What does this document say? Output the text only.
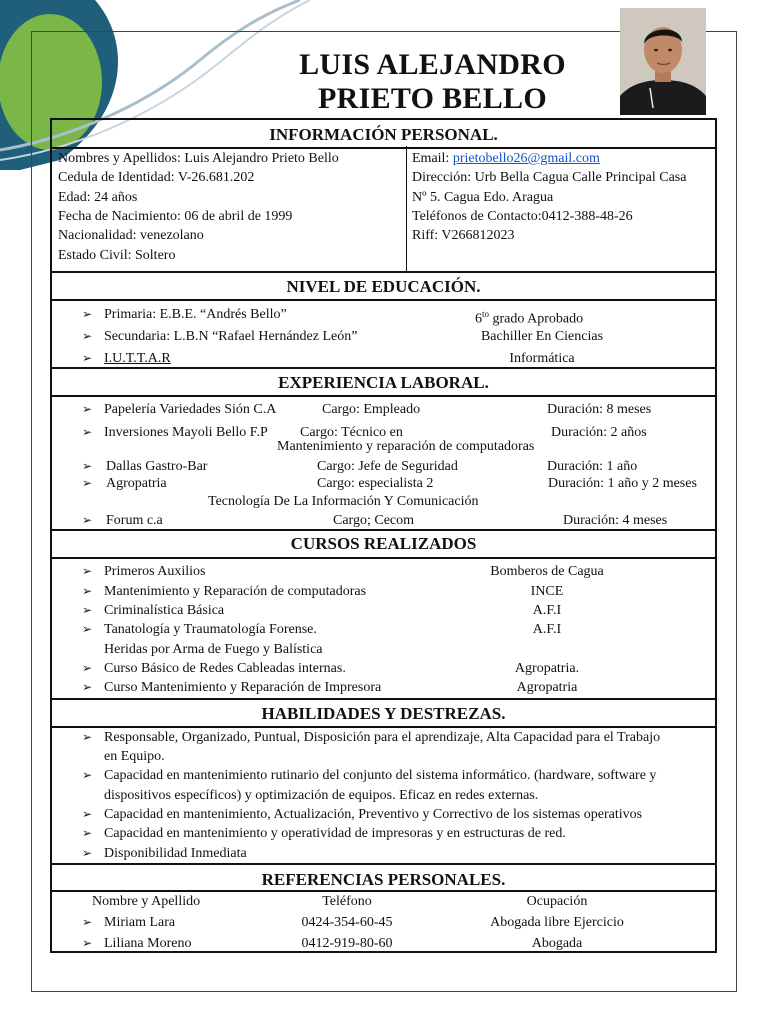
LUIS ALEJANDRO
PRIETO BELLO
INFORMACIÓN PERSONAL.
Nombres y Apellidos: Luis Alejandro Prieto Bello
Cedula de Identidad: V-26.681.202
Edad: 24 años
Fecha de Nacimiento: 06 de abril de 1999
Nacionalidad: venezolano
Estado Civil: Soltero
Email: prietobello26@gmail.com
Dirección: Urb Bella Cagua Calle Principal Casa
Nº 5. Cagua Edo. Aragua
Teléfonos de Contacto:0412-388-48-26
Riff: V266812023
NIVEL DE EDUCACIÓN.
➢ Primaria: E.B.E. “Andrés Bello”	$6^{to}$ grado Aprobado
➢ Secundaria: L.B.N “Rafael Hernández León”	Bachiller En Ciencias
➢ I.U.T.T.A.R	Informática
EXPERIENCIA LABORAL.
➢ Papelería Variedades Sión C.A	Cargo: Empleado	Duración: 8 meses
➢ Inversiones Mayoli Bello F.P Cargo: Técnico en	Duración: 2 años
Mantenimiento y reparación de computadoras
➢ Dallas Gastro-Bar	Cargo: Jefe de Seguridad	Duración: 1 año
➢ Agropatria	Cargo: especialista 2	Duración: 1 año y 2 meses
Tecnología De La Información Y Comunicación
➢ Forum c.a	Cargo; Cecom	Duración: 4 meses
CURSOS REALIZADOS
➢ Primeros Auxilios	Bomberos de Cagua
➢ Mantenimiento y Reparación de computadoras	INCE
➢ Criminalística Básica	A.F.I
➢ Tanatología y Traumatología Forense.	A.F.I
Heridas por Arma de Fuego y Balística
➢ Curso Básico de Redes Cableadas internas.	Agropatria.
➢ Curso Mantenimiento y Reparación de Impresora	Agropatria
HABILIDADES Y DESTREZAS.
➢ Responsable, Organizado, Puntual, Disposición para el aprendizaje, Alta Capacidad para el Trabajo
en Equipo.
➢ Capacidad en mantenimiento rutinario del conjunto del sistema informático. (hardware, software y
dispositivos específicos) y optimización de equipos. Eficaz en redes externas.
➢ Capacidad en mantenimiento, Actualización, Preventivo y Correctivo de los sistemas operativos
➢ Capacidad en mantenimiento y operatividad de impresoras y en estructuras de red.
➢ Disponibilidad Inmediata
REFERENCIAS PERSONALES.
Nombre y Apellido	Teléfono	Ocupación
➢ Miriam Lara	0424-354-60-45	Abogada libre Ejercicio
➢ Liliana Moreno	0412-919-80-60	Abogada
